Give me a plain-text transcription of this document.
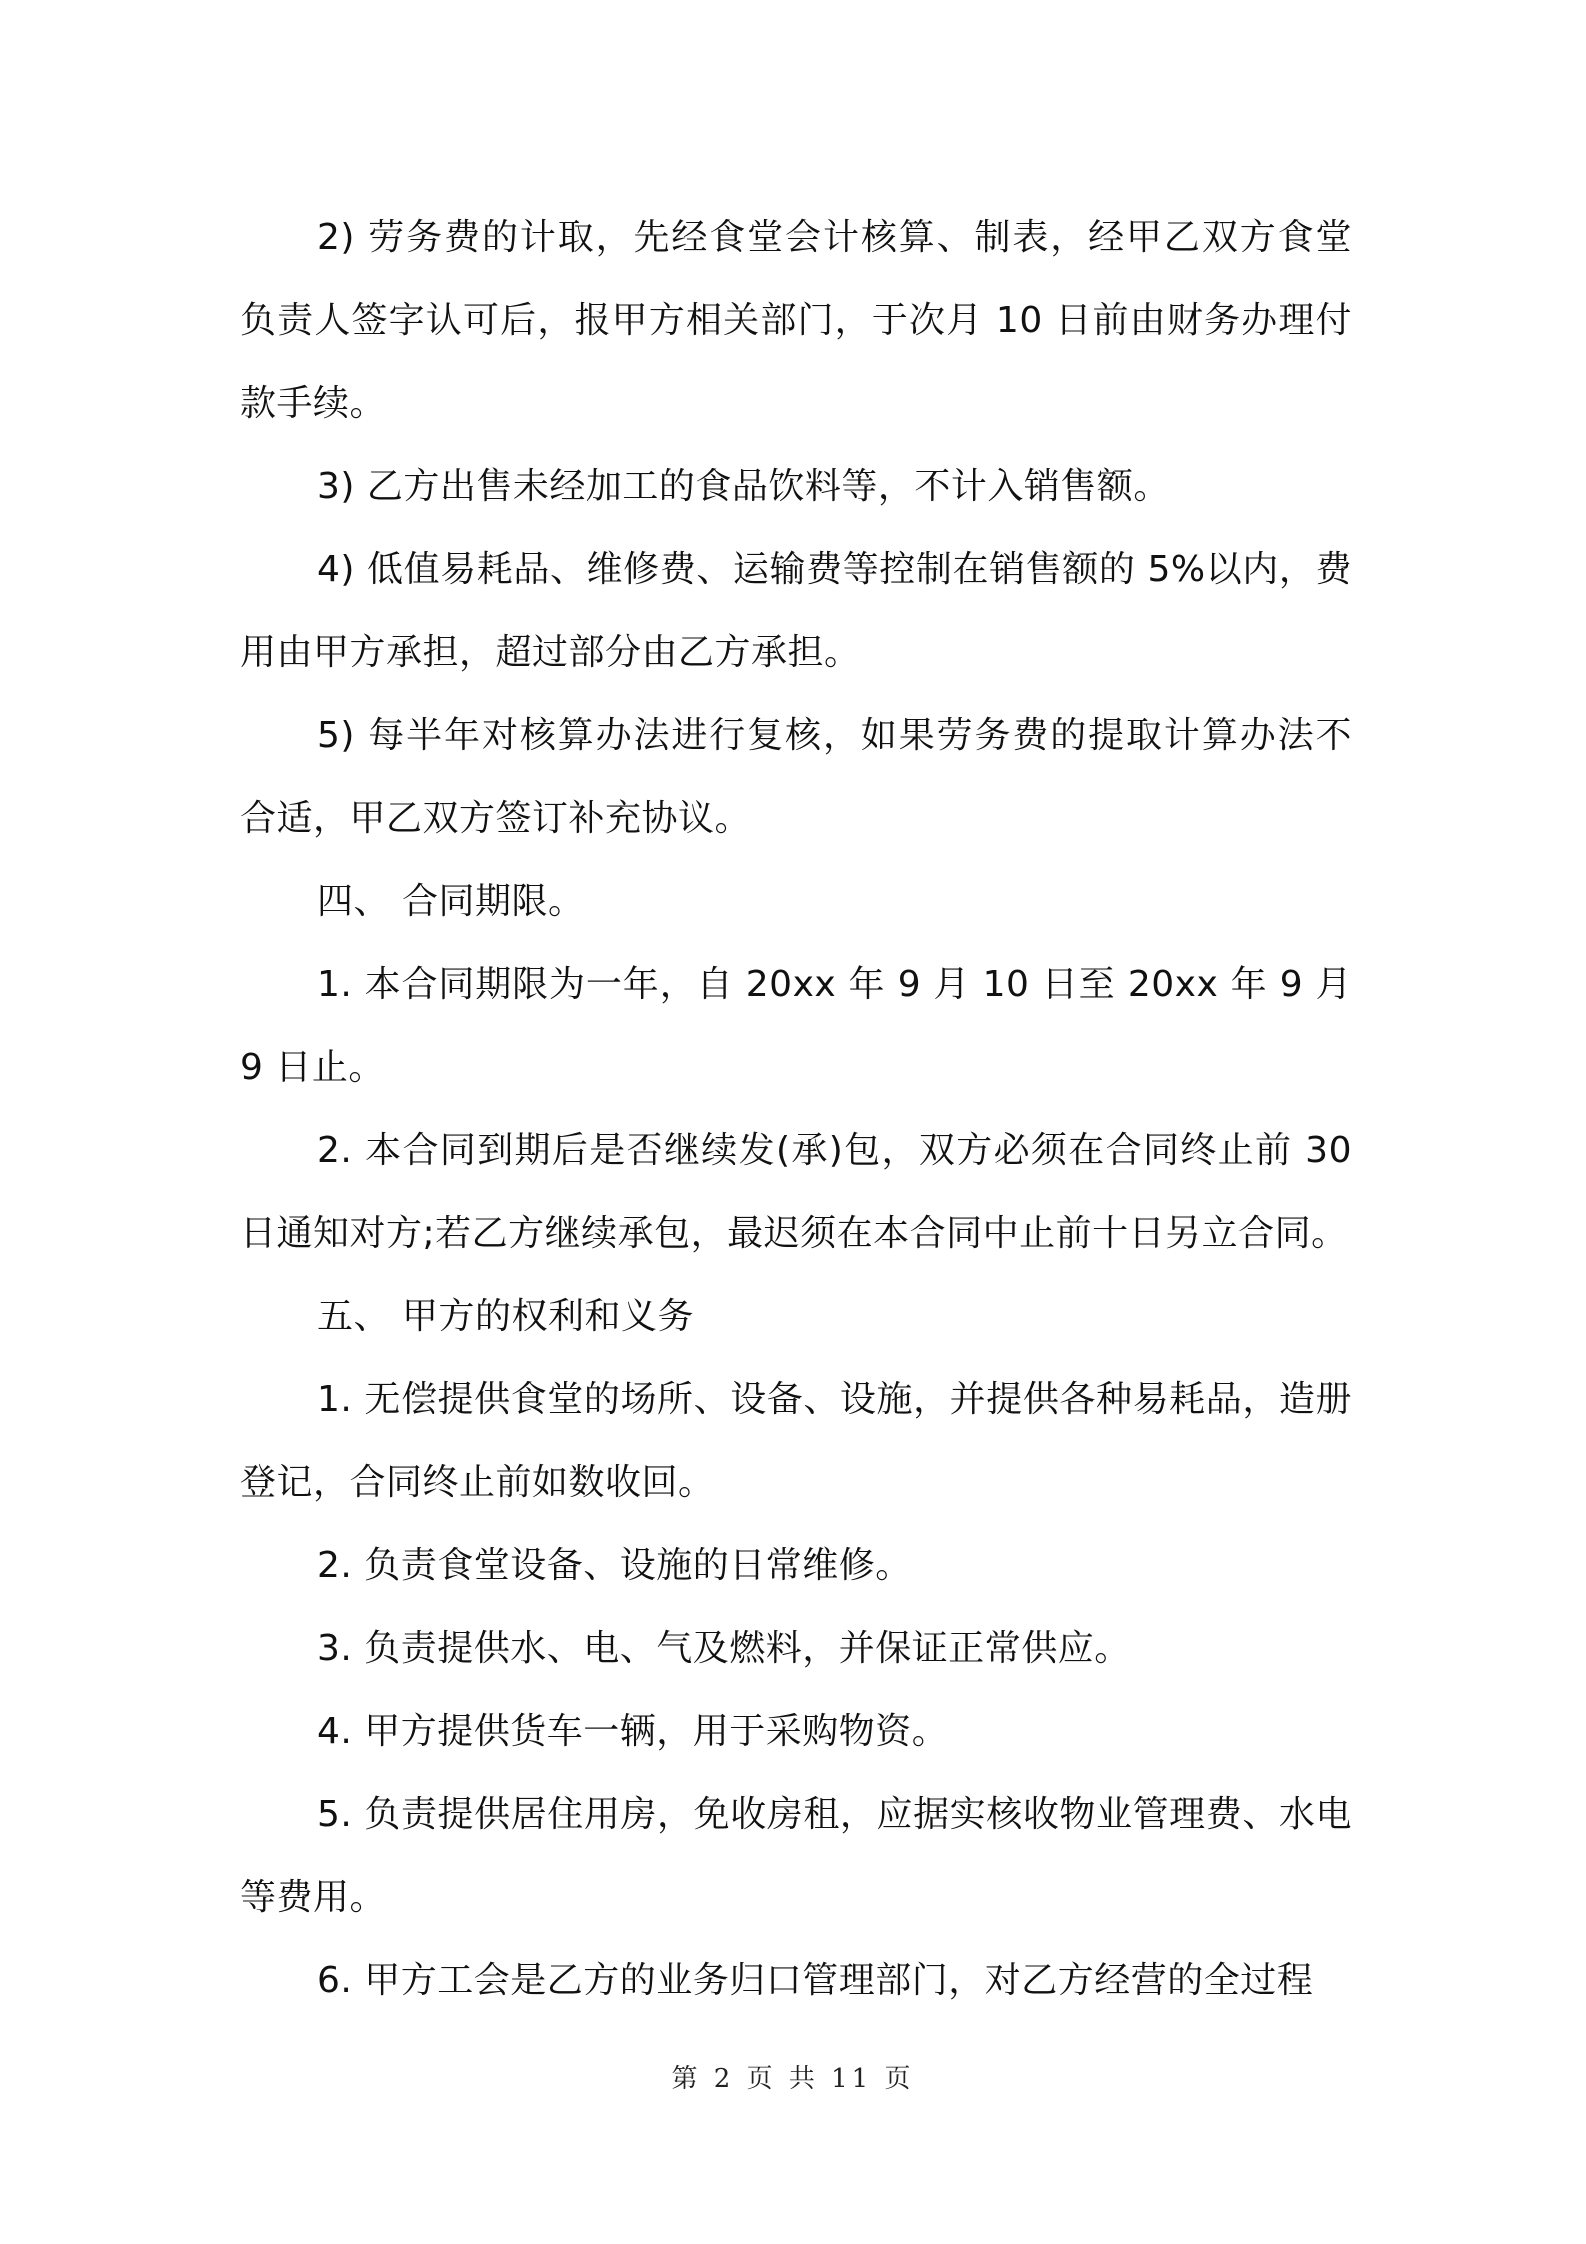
2) 劳务费的计取，先经食堂会计核算、制表，经甲乙双方食堂负责人签字认可后，报甲方相关部门，于次月 10 日前由财务办理付款手续。

3) 乙方出售未经加工的食品饮料等，不计入销售额。

4) 低值易耗品、维修费、运输费等控制在销售额的 5%以内，费用由甲方承担，超过部分由乙方承担。

5) 每半年对核算办法进行复核，如果劳务费的提取计算办法不合适，甲乙双方签订补充协议。

四、 合同期限。

1. 本合同期限为一年，自 20xx 年 9 月 10 日至 20xx 年 9 月 9 日止。

2. 本合同到期后是否继续发(承)包，双方必须在合同终止前 30 日通知对方;若乙方继续承包，最迟须在本合同中止前十日另立合同。

五、 甲方的权利和义务

1. 无偿提供食堂的场所、设备、设施，并提供各种易耗品，造册登记，合同终止前如数收回。

2. 负责食堂设备、设施的日常维修。

3. 负责提供水、电、气及燃料，并保证正常供应。

4. 甲方提供货车一辆，用于采购物资。

5. 负责提供居住用房，免收房租，应据实核收物业管理费、水电等费用。

6. 甲方工会是乙方的业务归口管理部门，对乙方经营的全过程

第 2 页 共 11 页
